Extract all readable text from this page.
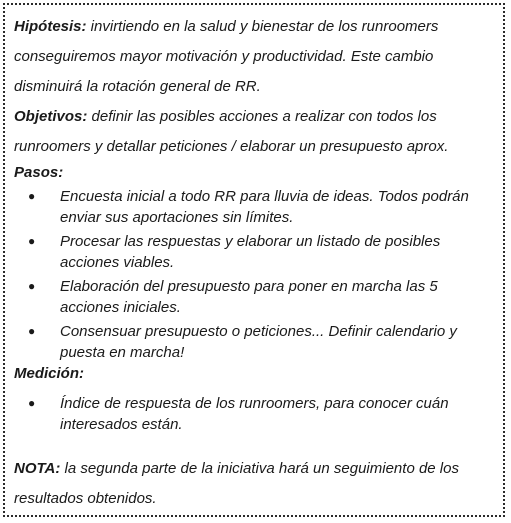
Hipótesis: invirtiendo en la salud y bienestar de los runroomers conseguiremos mayor motivación y productividad. Este cambio disminuirá la rotación general de RR.

Objetivos: definir las posibles acciones a realizar con todos los runroomers y detallar peticiones / elaborar un presupuesto aprox.

Pasos:

● Encuesta inicial a todo RR para lluvia de ideas. Todos podrán enviar sus aportaciones sin límites.
● Procesar las respuestas y elaborar un listado de posibles acciones viables.
● Elaboración del presupuesto para poner en marcha las 5 acciones iniciales.
● Consensuar presupuesto o peticiones... Definir calendario y puesta en marcha!

Medición:

● Índice de respuesta de los runroomers, para conocer cuán interesados están.

NOTA: la segunda parte de la iniciativa hará un seguimiento de los resultados obtenidos.
